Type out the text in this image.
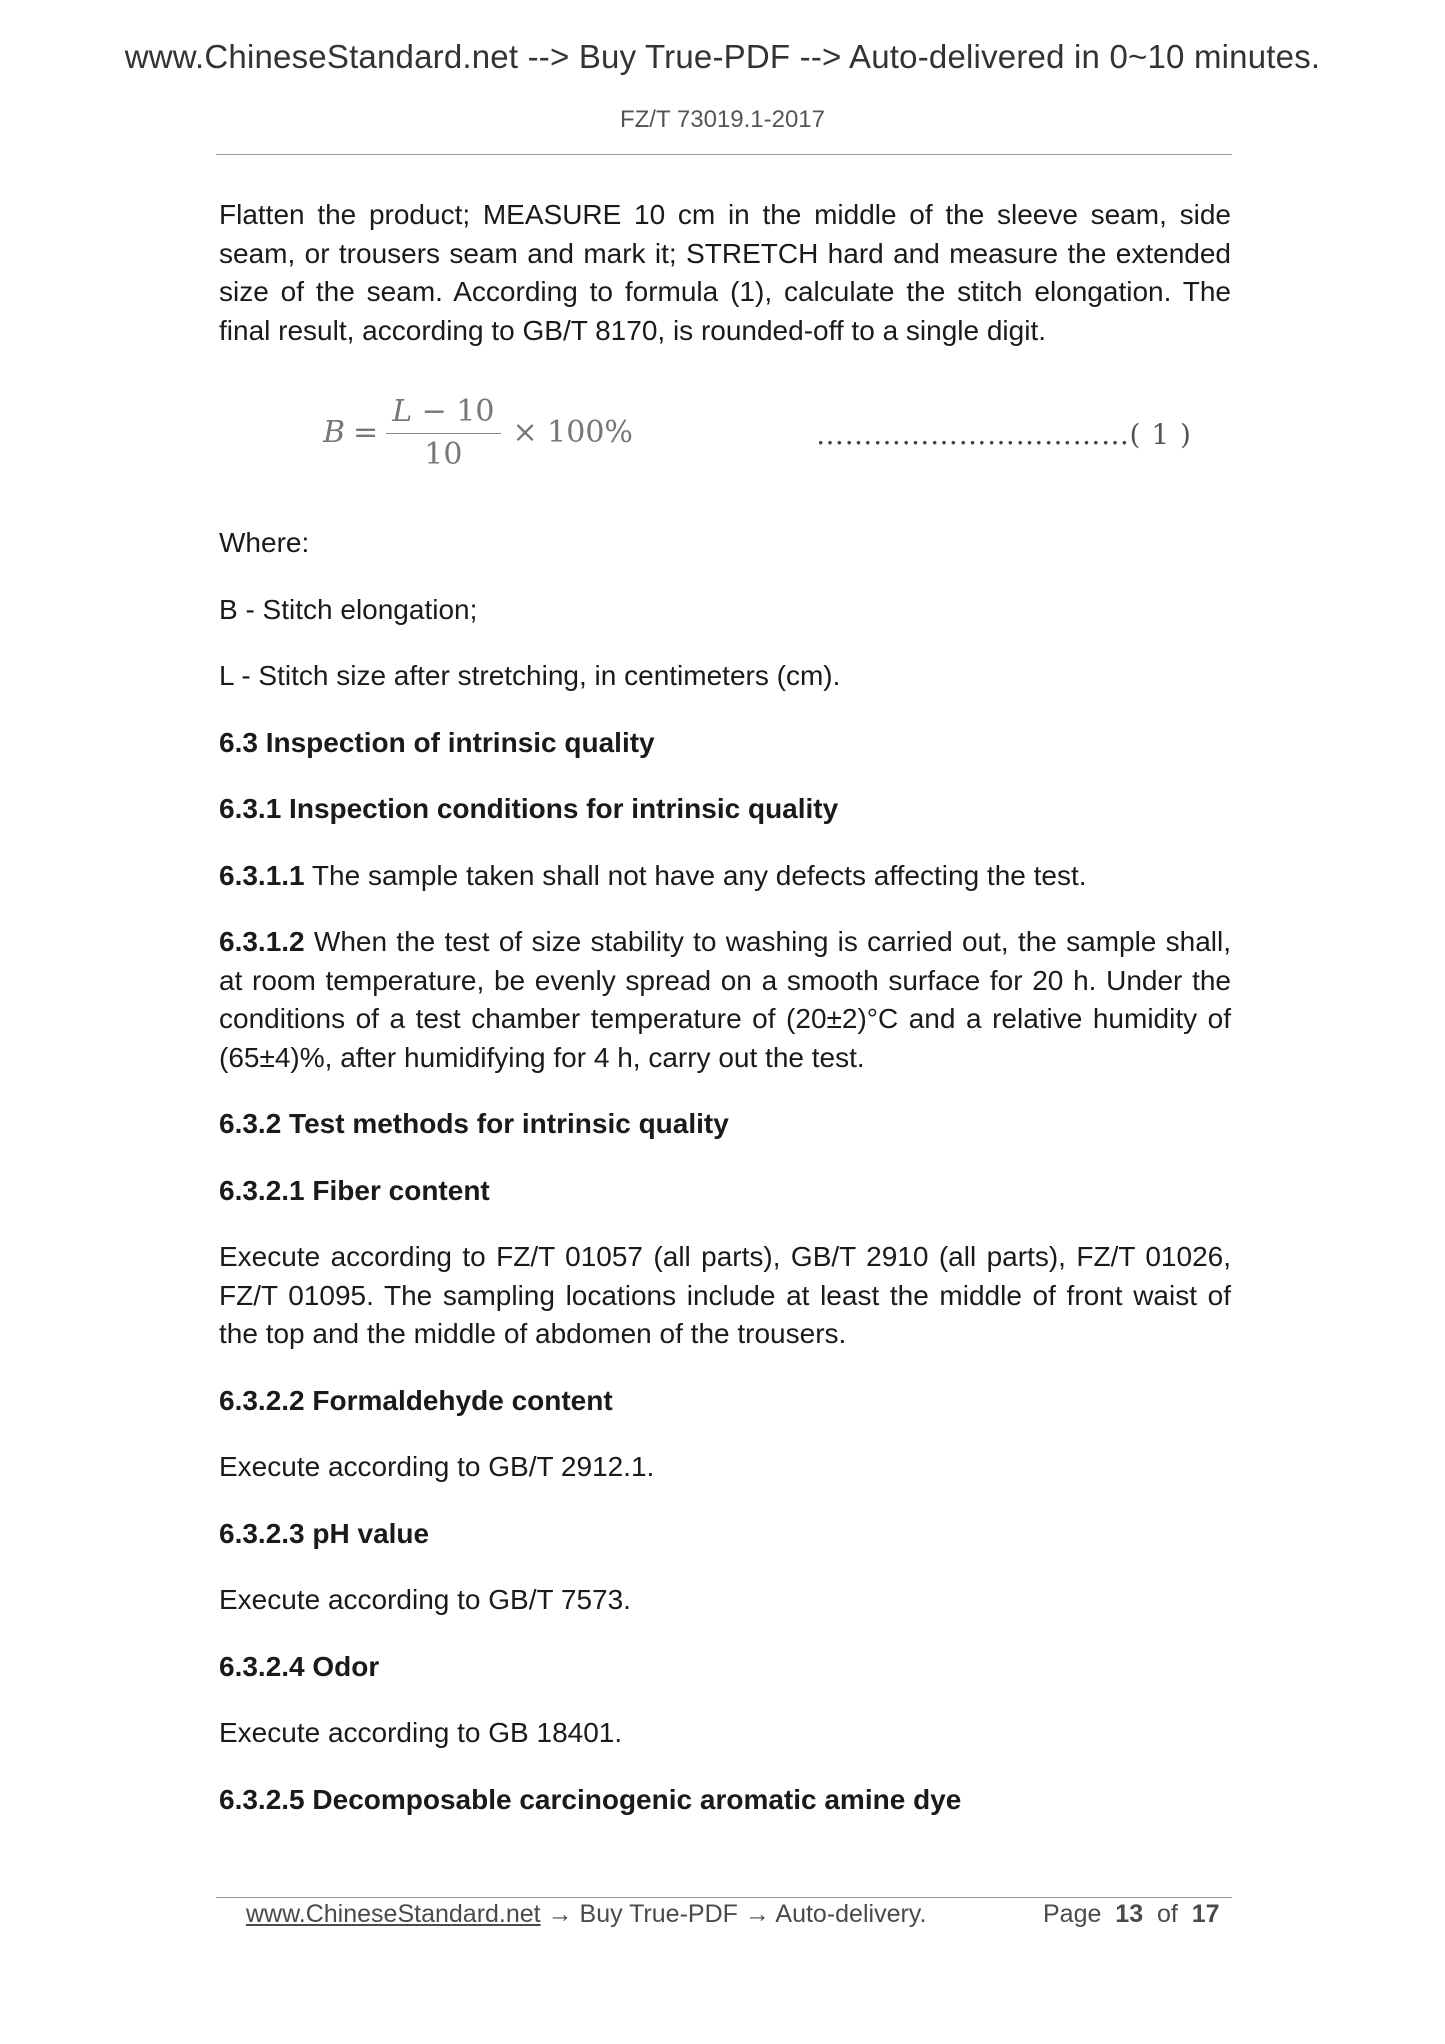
www.ChineseStandard.net --> Buy True-PDF --> Auto-delivered in 0~10 minutes.
FZ/T 73019.1-2017

Flatten the product; MEASURE 10 cm in the middle of the sleeve seam, side seam, or trousers seam and mark it; STRETCH hard and measure the extended size of the seam. According to formula (1), calculate the stitch elongation. The final result, according to GB/T 8170, is rounded-off to a single digit.

$B = \frac{L - 10}{10} \times 100\%$	……………………………( 1 )

Where:

B - Stitch elongation;

L - Stitch size after stretching, in centimeters (cm).

6.3 Inspection of intrinsic quality

6.3.1 Inspection conditions for intrinsic quality

6.3.1.1 The sample taken shall not have any defects affecting the test.

6.3.1.2 When the test of size stability to washing is carried out, the sample shall, at room temperature, be evenly spread on a smooth surface for 20 h. Under the conditions of a test chamber temperature of (20±2)°C and a relative humidity of (65±4)%, after humidifying for 4 h, carry out the test.

6.3.2 Test methods for intrinsic quality

6.3.2.1 Fiber content

Execute according to FZ/T 01057 (all parts), GB/T 2910 (all parts), FZ/T 01026, FZ/T 01095. The sampling locations include at least the middle of front waist of the top and the middle of abdomen of the trousers.

6.3.2.2 Formaldehyde content

Execute according to GB/T 2912.1.

6.3.2.3 pH value

Execute according to GB/T 7573.

6.3.2.4 Odor

Execute according to GB 18401.

6.3.2.5 Decomposable carcinogenic aromatic amine dye

www.ChineseStandard.net → Buy True-PDF → Auto-delivery.	Page 13 of 17
